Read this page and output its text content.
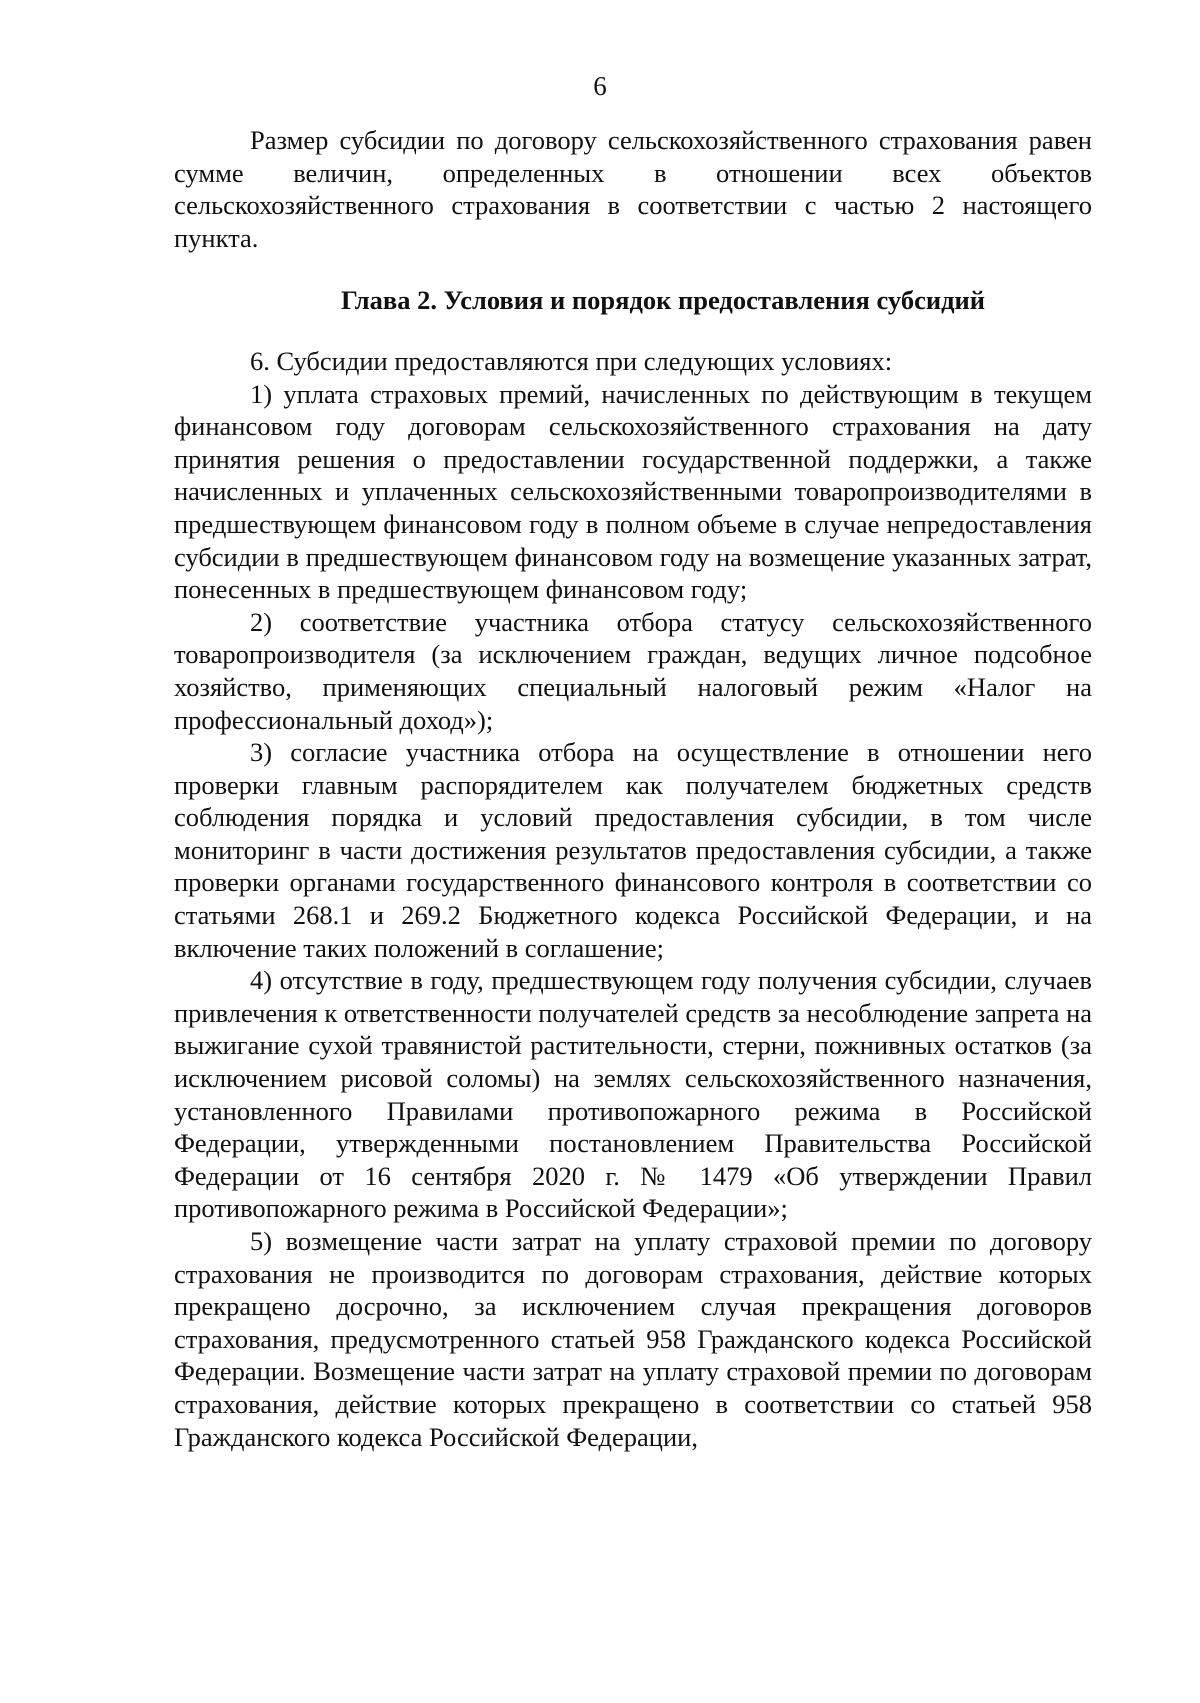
6

Размер субсидии по договору сельскохозяйственного страхования равен сумме величин, определенных в отношении всех объектов сельскохозяйственного страхования в соответствии с частью 2 настоящего пункта.

Глава 2. Условия и порядок предоставления субсидий

6. Субсидии предоставляются при следующих условиях:

1) уплата страховых премий, начисленных по действующим в текущем финансовом году договорам сельскохозяйственного страхования на дату принятия решения о предоставлении государственной поддержки, а также начисленных и уплаченных сельскохозяйственными товаропроизводителями в предшествующем финансовом году в полном объеме в случае непредоставления субсидии в предшествующем финансовом году на возмещение указанных затрат, понесенных в предшествующем финансовом году;

2) соответствие участника отбора статусу сельскохозяйственного товаропроизводителя (за исключением граждан, ведущих личное подсобное хозяйство, применяющих специальный налоговый режим «Налог на профессиональный доход»);

3) согласие участника отбора на осуществление в отношении него проверки главным распорядителем как получателем бюджетных средств соблюдения порядка и условий предоставления субсидии, в том числе мониторинг в части достижения результатов предоставления субсидии, а также проверки органами государственного финансового контроля в соответствии со статьями 268.1 и 269.2 Бюджетного кодекса Российской Федерации, и на включение таких положений в соглашение;

4) отсутствие в году, предшествующем году получения субсидии, случаев привлечения к ответственности получателей средств за несоблюдение запрета на выжигание сухой травянистой растительности, стерни, пожнивных остатков (за исключением рисовой соломы) на землях сельскохозяйственного назначения, установленного Правилами противопожарного режима в Российской Федерации, утвержденными постановлением Правительства Российской Федерации от 16 сентября 2020 г. № 1479 «Об утверждении Правил противопожарного режима в Российской Федерации»;

5) возмещение части затрат на уплату страховой премии по договору страхования не производится по договорам страхования, действие которых прекращено досрочно, за исключением случая прекращения договоров страхования, предусмотренного статьей 958 Гражданского кодекса Российской Федерации. Возмещение части затрат на уплату страховой премии по договорам страхования, действие которых прекращено в соответствии со статьей 958 Гражданского кодекса Российской Федерации,
